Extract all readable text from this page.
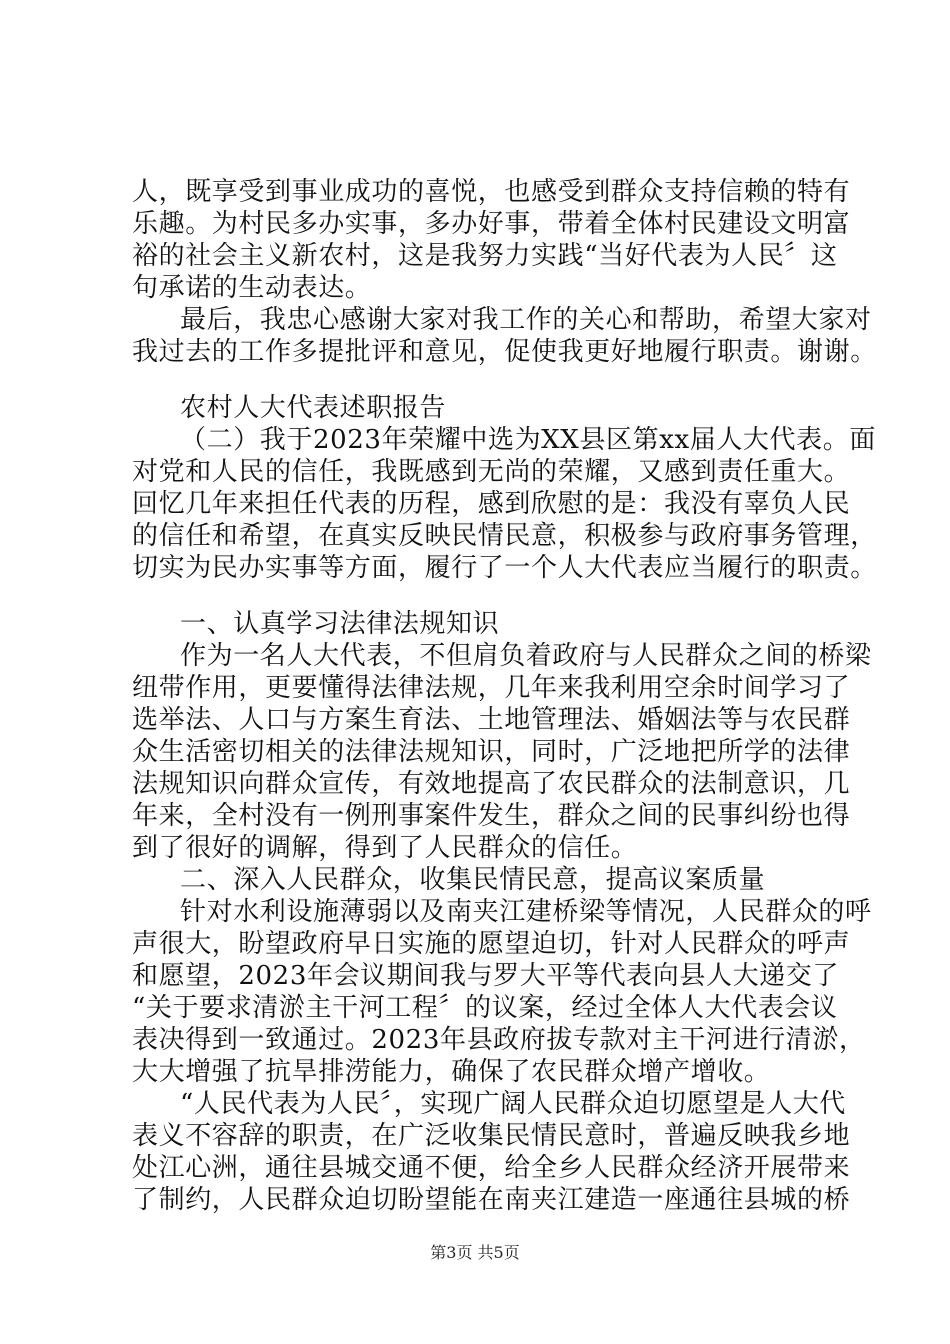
人，既享受到事业成功的喜悦，也感受到群众支持信赖的特有
乐趣。为村民多办实事，多办好事，带着全体村民建设文明富
裕的社会主义新农村，这是我努力实践“当好代表为人民〞这
句承诺的生动表达。
最后，我忠心感谢大家对我工作的关心和帮助，希望大家对
我过去的工作多提批评和意见，促使我更好地履行职责。谢谢。
农村人大代表述职报告
（二）我于2023年荣耀中选为XX县区第xx届人大代表。面
对党和人民的信任，我既感到无尚的荣耀，又感到责任重大。
回忆几年来担任代表的历程，感到欣慰的是：我没有辜负人民
的信任和希望，在真实反映民情民意，积极参与政府事务管理，
切实为民办实事等方面，履行了一个人大代表应当履行的职责。
一、认真学习法律法规知识
作为一名人大代表，不但肩负着政府与人民群众之间的桥梁
纽带作用，更要懂得法律法规，几年来我利用空余时间学习了
选举法、人口与方案生育法、土地管理法、婚姻法等与农民群
众生活密切相关的法律法规知识，同时，广泛地把所学的法律
法规知识向群众宣传，有效地提高了农民群众的法制意识，几
年来，全村没有一例刑事案件发生，群众之间的民事纠纷也得
到了很好的调解，得到了人民群众的信任。
二、深入人民群众，收集民情民意，提高议案质量
针对水利设施薄弱以及南夹江建桥梁等情况，人民群众的呼
声很大，盼望政府早日实施的愿望迫切，针对人民群众的呼声
和愿望，2023年会议期间我与罗大平等代表向县人大递交了
“关于要求清淤主干河工程〞的议案，经过全体人大代表会议
表决得到一致通过。2023年县政府拔专款对主干河进行清淤，
大大增强了抗旱排涝能力，确保了农民群众增产增收。
“人民代表为人民〞，实现广阔人民群众迫切愿望是人大代
表义不容辞的职责，在广泛收集民情民意时，普遍反映我乡地
处江心洲，通往县城交通不便，给全乡人民群众经济开展带来
了制约，人民群众迫切盼望能在南夹江建造一座通往县城的桥
第3页 共5页
